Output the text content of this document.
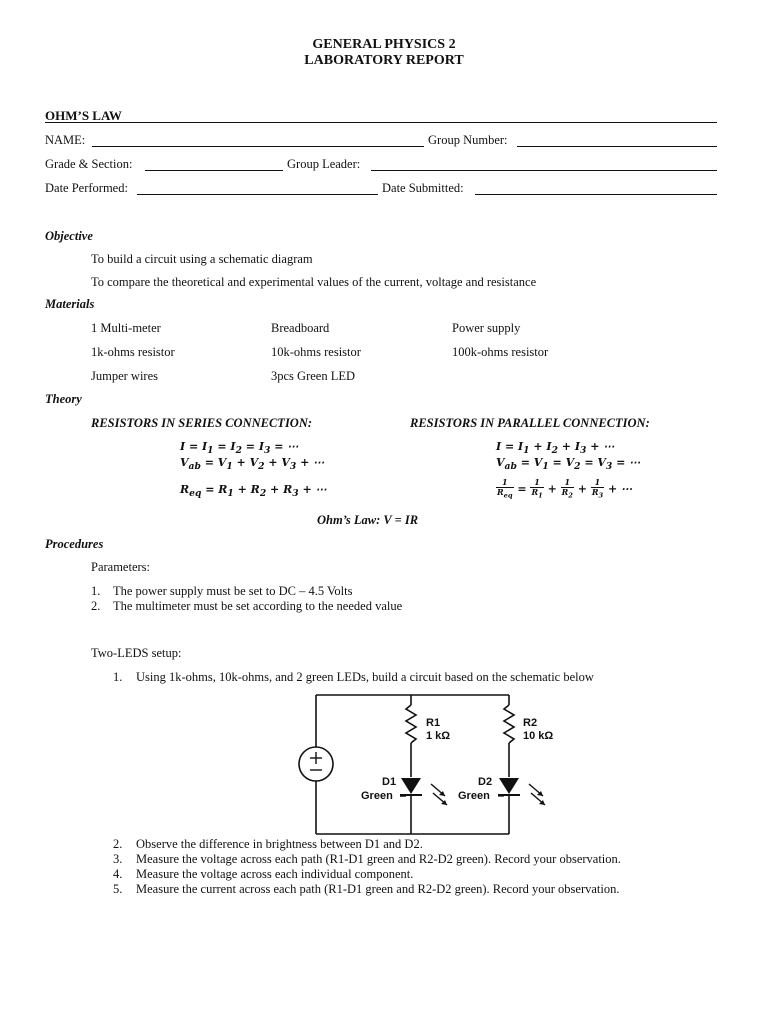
GENERAL PHYSICS 2
LABORATORY REPORT
OHM’S LAW
NAME:	Group Number:
Grade & Section:	Group Leader:
Date Performed:	Date Submitted:
Objective
To build a circuit using a schematic diagram
To compare the theoretical and experimental values of the current, voltage and resistance
Materials
1 Multi-meter	Breadboard	Power supply
1k-ohms resistor	10k-ohms resistor	100k-ohms resistor
Jumper wires	3pcs Green LED
Theory
RESISTORS IN SERIES CONNECTION:	RESISTORS IN PARALLEL CONNECTION:
$I = I_1 = I_2 = I_3$ = ⋯
$V_{ab} = V_1 + V_2 + V_3$ + ⋯
$R_{eq} = R_1 + R_2 + R_3$ + ⋯
$I = I_1 + I_2 + I_3$ + ⋯
$V_{ab} = V_1 = V_2 = V_3$ = ⋯
$\frac{1}{R_{eq}} = \frac{1}{R_1} + \frac{1}{R_2} + \frac{1}{R_3}$ + ⋯
Ohm’s Law: V = IR
Procedures
Parameters:
1. The power supply must be set to DC – 4.5 Volts
2. The multimeter must be set according to the needed value
Two-LEDS setup:
1. Using 1k-ohms, 10k-ohms, and 2 green LEDs, build a circuit based on the schematic below
R1
1 kΩ
R2
10 kΩ
D1
Green
D2
Green
2. Observe the difference in brightness between D1 and D2.
3. Measure the voltage across each path (R1-D1 green and R2-D2 green). Record your observation.
4. Measure the voltage across each individual component.
5. Measure the current across each path (R1-D1 green and R2-D2 green). Record your observation.
